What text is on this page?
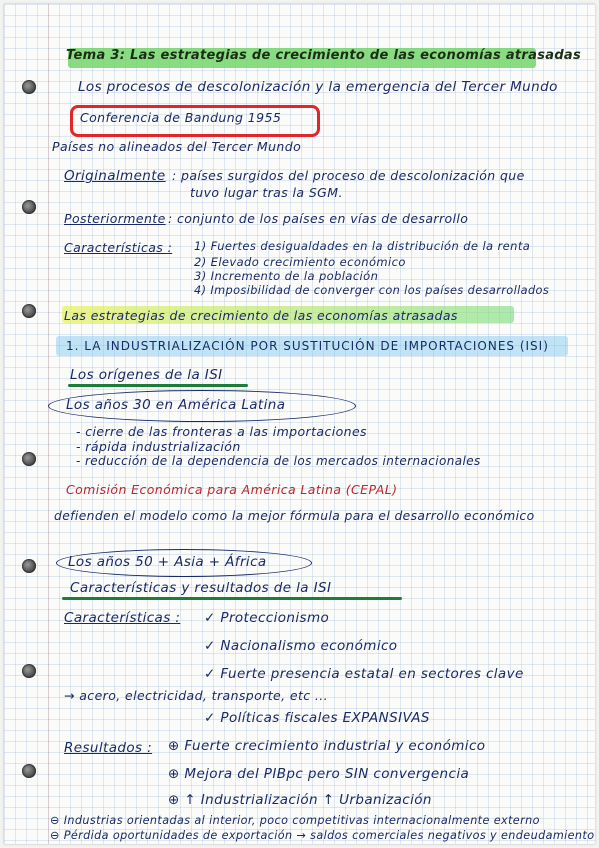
Tema 3: Las estrategias de crecimiento de las economías atrasadas
Los procesos de descolonización y la emergencia del Tercer Mundo
Conferencia de Bandung 1955
Países no alineados del Tercer Mundo
Originalmente : países surgidos del proceso de descolonización que
tuvo lugar tras la SGM.
Posteriormente : conjunto de los países en vías de desarrollo
Características : 1) Fuertes desigualdades en la distribución de la renta
2) Elevado crecimiento económico
3) Incremento de la población
4) Imposibilidad de converger con los países desarrollados
Las estrategias de crecimiento de las economías atrasadas
1. LA INDUSTRIALIZACIÓN POR SUSTITUCIÓN DE IMPORTACIONES (ISI)
Los orígenes de la ISI
Los años 30 en América Latina
- cierre de las fronteras a las importaciones
- rápida industrialización
- reducción de la dependencia de los mercados internacionales
Comisión Económica para América Latina (CEPAL)
defienden el modelo como la mejor fórmula para el desarrollo económico
Los años 50 + Asia + África
Características y resultados de la ISI
Características : ✓ Proteccionismo
✓ Nacionalismo económico
✓ Fuerte presencia estatal en sectores clave
→ acero, electricidad, transporte, etc ...
✓ Políticas fiscales EXPANSIVAS
Resultados : ⊕ Fuerte crecimiento industrial y económico
⊕ Mejora del PIBpc pero SIN convergencia
⊕ ↑ Industrialización ↑ Urbanización
⊖ Industrias orientadas al interior, poco competitivas internacionalmente externo
⊖ Pérdida oportunidades de exportación → saldos comerciales negativos y endeudamiento
